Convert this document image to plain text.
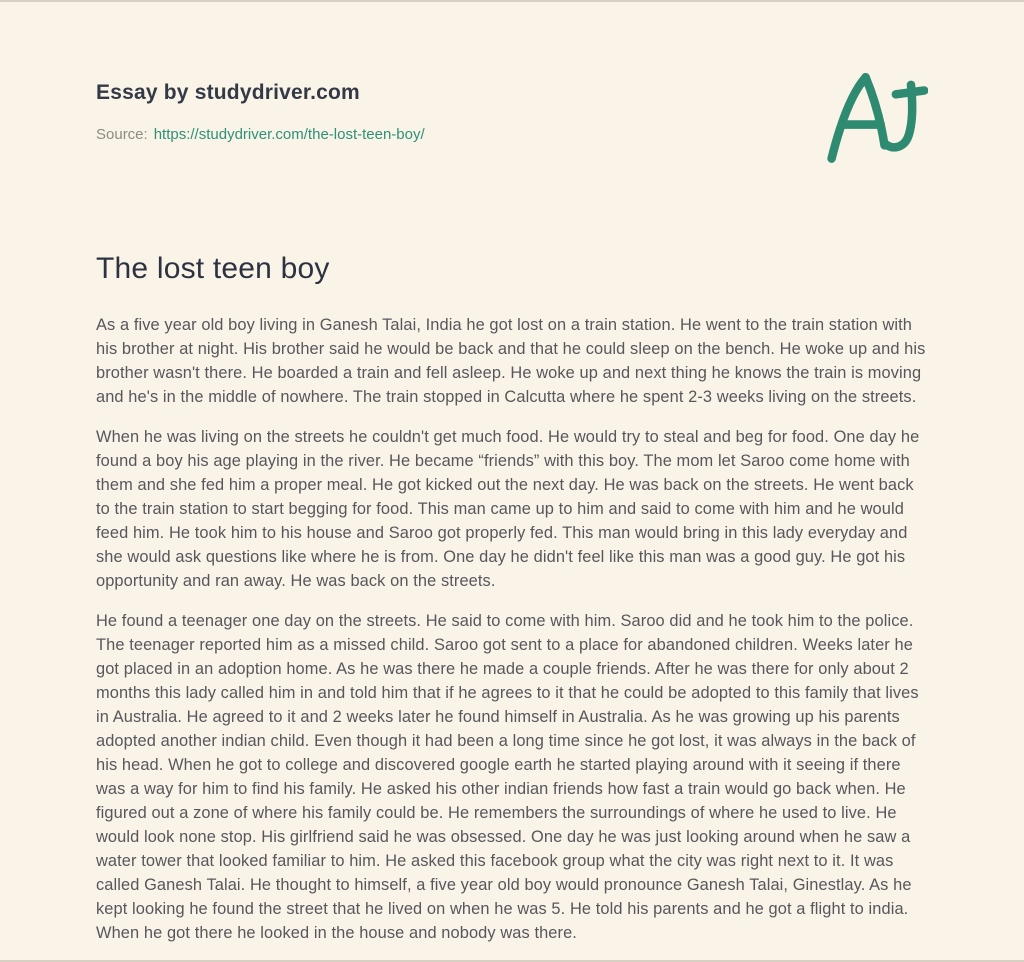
Essay by studydriver.com
Source: https://studydriver.com/the-lost-teen-boy/
The lost teen boy

As a five year old boy living in Ganesh Talai, India he got lost on a train station. He went to the train station with his brother at night. His brother said he would be back and that he could sleep on the bench. He woke up and his brother wasn't there. He boarded a train and fell asleep. He woke up and next thing he knows the train is moving and he's in the middle of nowhere. The train stopped in Calcutta where he spent 2-3 weeks living on the streets.

When he was living on the streets he couldn't get much food. He would try to steal and beg for food. One day he found a boy his age playing in the river. He became “friends” with this boy. The mom let Saroo come home with them and she fed him a proper meal. He got kicked out the next day. He was back on the streets. He went back to the train station to start begging for food. This man came up to him and said to come with him and he would feed him. He took him to his house and Saroo got properly fed. This man would bring in this lady everyday and she would ask questions like where he is from. One day he didn't feel like this man was a good guy. He got his opportunity and ran away. He was back on the streets.

He found a teenager one day on the streets. He said to come with him. Saroo did and he took him to the police. The teenager reported him as a missed child. Saroo got sent to a place for abandoned children. Weeks later he got placed in an adoption home. As he was there he made a couple friends. After he was there for only about 2 months this lady called him in and told him that if he agrees to it that he could be adopted to this family that lives in Australia. He agreed to it and 2 weeks later he found himself in Australia. As he was growing up his parents adopted another indian child. Even though it had been a long time since he got lost, it was always in the back of his head. When he got to college and discovered google earth he started playing around with it seeing if there was a way for him to find his family. He asked his other indian friends how fast a train would go back when. He figured out a zone of where his family could be. He remembers the surroundings of where he used to live. He would look none stop. His girlfriend said he was obsessed. One day he was just looking around when he saw a water tower that looked familiar to him. He asked this facebook group what the city was right next to it. It was called Ganesh Talai. He thought to himself, a five year old boy would pronounce Ganesh Talai, Ginestlay. As he kept looking he found the street that he lived on when he was 5. He told his parents and he got a flight to india. When he got there he looked in the house and nobody was there.
